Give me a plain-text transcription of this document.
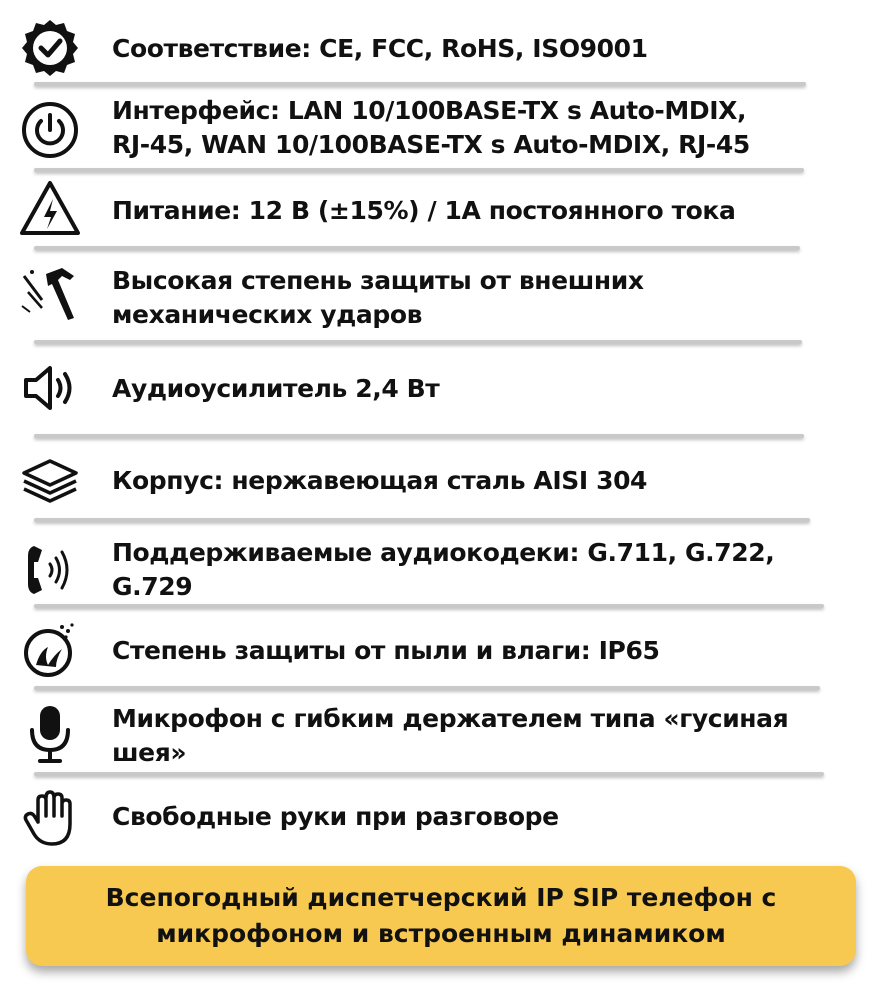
Соответствие: CE, FCC, RoHS, ISO9001
Интерфейс: LAN 10/100BASE-TX s Auto-MDIX,
RJ-45, WAN 10/100BASE-TX s Auto-MDIX, RJ-45
Питание: 12 В (±15%) / 1А постоянного тока
Высокая степень защиты от внешних
механических ударов
Аудиоусилитель 2,4 Вт
Корпус: нержавеющая сталь AISI 304
Поддерживаемые аудиокодеки: G.711, G.722,
G.729
Степень защиты от пыли и влаги: IP65
Микрофон с гибким держателем типа «гусиная
шея»
Свободные руки при разговоре
Всепогодный диспетчерский IP SIP телефон с
микрофоном и встроенным динамиком
